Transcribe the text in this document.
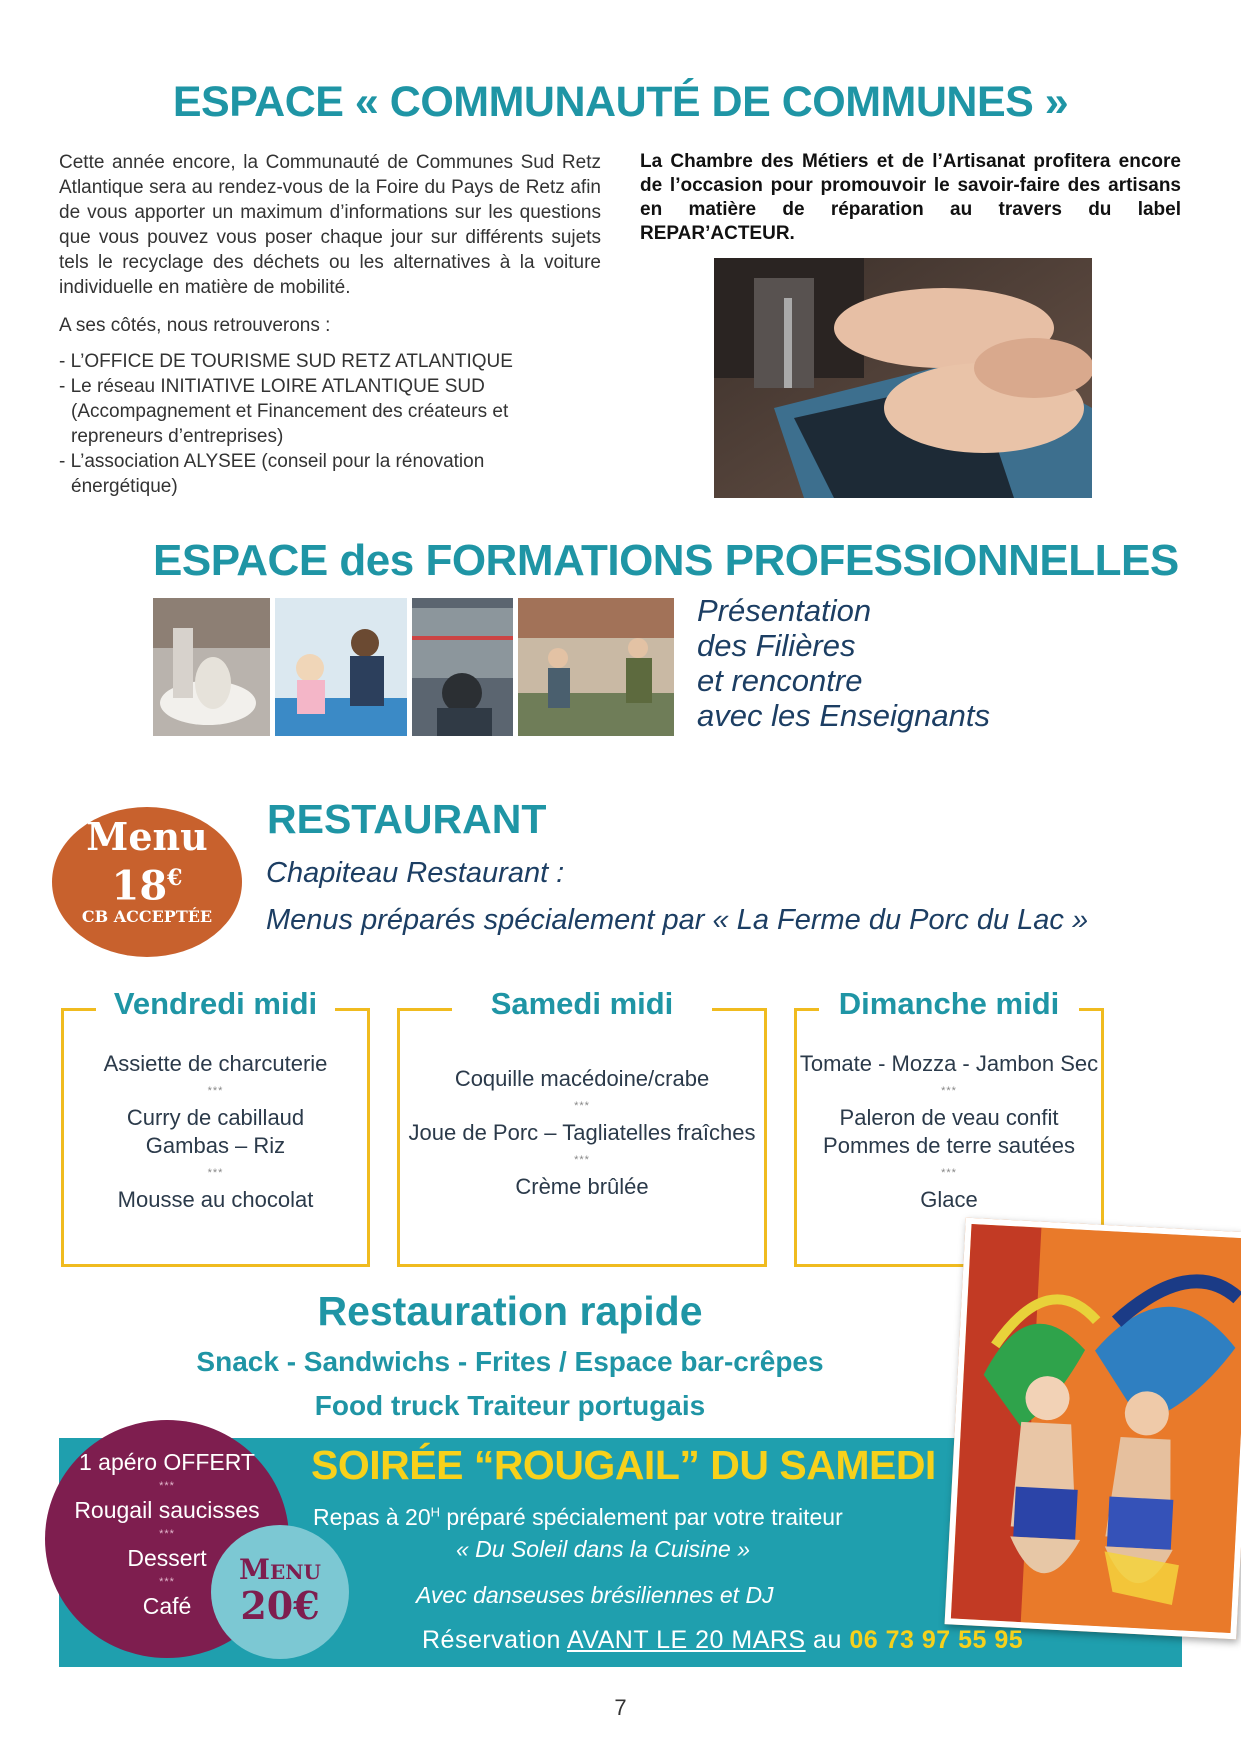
ESPACE « COMMUNAUTÉ DE COMMUNES »
Cette année encore, la Communauté de Communes Sud Retz Atlantique sera au rendez-vous de la Foire du Pays de Retz afin de vous apporter un maximum d’informations sur les questions que vous pouvez vous poser chaque jour sur différents sujets tels le recyclage des déchets ou les alternatives à la voiture individuelle en matière de mobilité.
A ses côtés, nous retrouverons :
- L’OFFICE DE TOURISME SUD RETZ ATLANTIQUE
- Le réseau INITIATIVE LOIRE ATLANTIQUE SUD (Accompagnement et Financement des créateurs et repreneurs d’entreprises)
- L’association ALYSEE (conseil pour la rénovation énergétique)
La Chambre des Métiers et de l’Artisanat profitera encore de l’occasion pour promouvoir le savoir-faire des artisans en matière de réparation au travers du label REPAR’ACTEUR.
ESPACE des FORMATIONS PROFESSIONNELLES
Présentation
des Filières
et rencontre
avec les Enseignants
Menu
18€
CB ACCEPTÉE
RESTAURANT
Chapiteau Restaurant :
Menus préparés spécialement par « La Ferme du Porc du Lac »
Vendredi midi
Assiette de charcuterie
***
Curry de cabillaud
Gambas – Riz
***
Mousse au chocolat
Samedi midi
Coquille macédoine/crabe
***
Joue de Porc – Tagliatelles fraîches
***
Crème brûlée
Dimanche midi
Tomate - Mozza - Jambon Sec
***
Paleron de veau confit
Pommes de terre sautées
***
Glace
Restauration rapide
Snack - Sandwichs - Frites / Espace bar-crêpes
Food truck Traiteur portugais
1 apéro OFFERT
***
Rougail saucisses
***
Dessert
***
Café
Menu
20€
SOIRÉE “ROUGAIL” DU SAMEDI
Repas à $20^H$ préparé spécialement par votre traiteur
« Du Soleil dans la Cuisine »
Avec danseuses brésiliennes et DJ
Réservation AVANT LE 20 MARS au 06 73 97 55 95
7
